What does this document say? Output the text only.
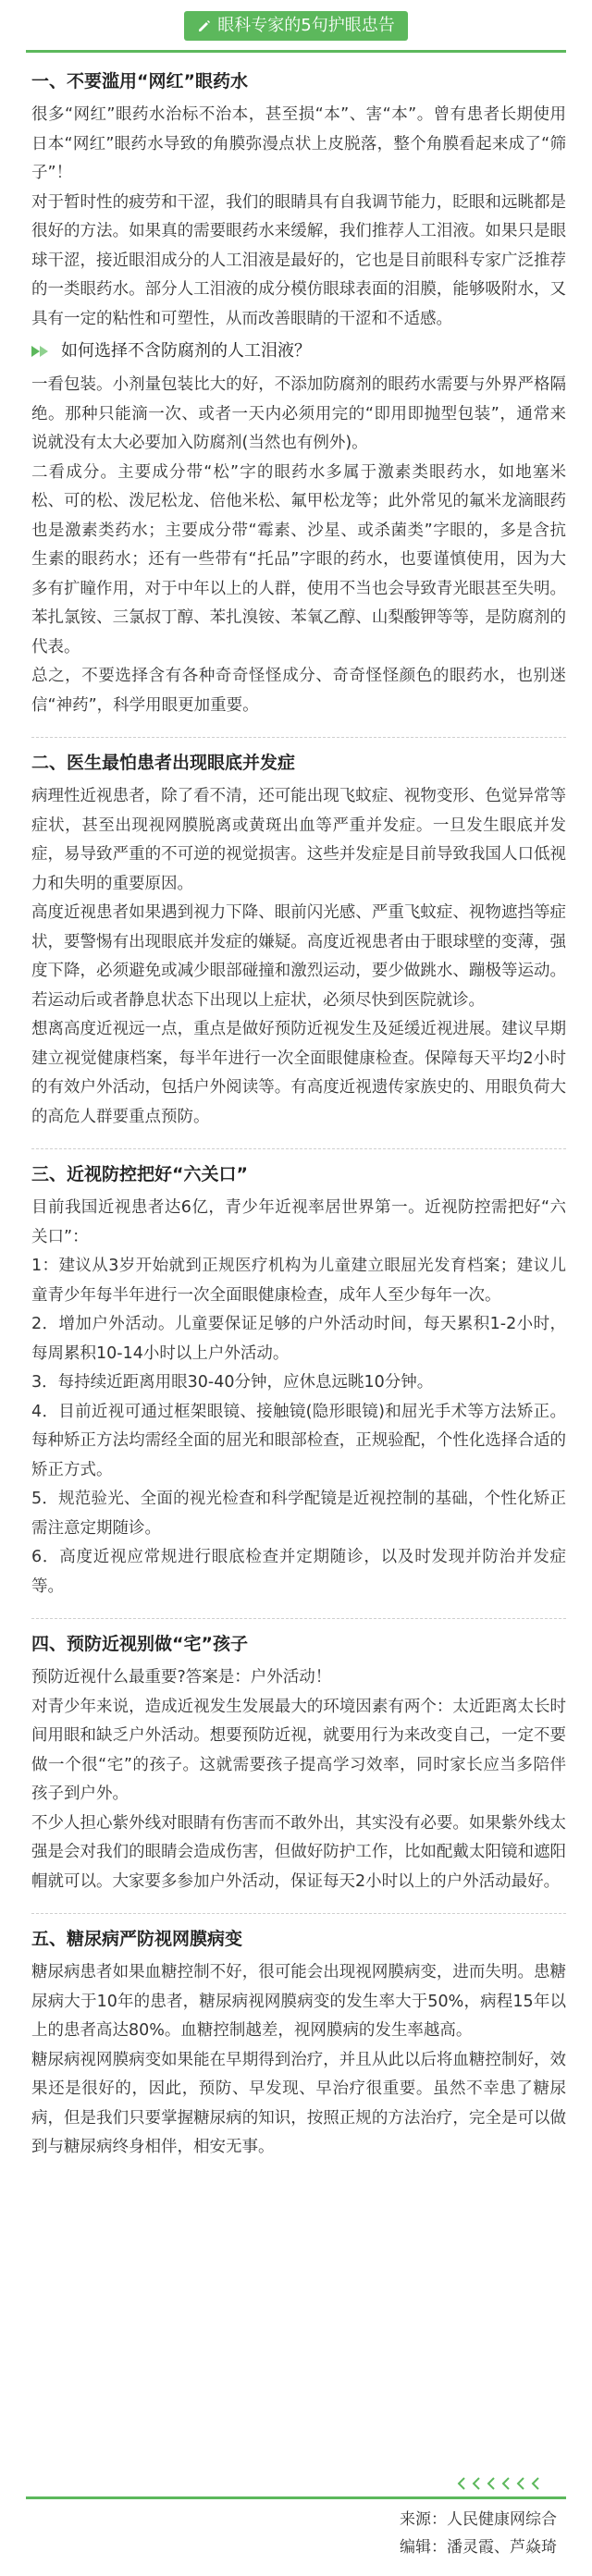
眼科专家的5句护眼忠告
一、不要滥用“网红”眼药水

很多“网红”眼药水治标不治本，甚至损“本”、害“本”。曾有患者长期使用日本“网红”眼药水导致的角膜弥漫点状上皮脱落，整个角膜看起来成了“筛子”！

对于暂时性的疲劳和干涩，我们的眼睛具有自我调节能力，眨眼和远眺都是很好的方法。如果真的需要眼药水来缓解，我们推荐人工泪液。如果只是眼球干涩，接近眼泪成分的人工泪液是最好的，它也是目前眼科专家广泛推荐的一类眼药水。部分人工泪液的成分模仿眼球表面的泪膜，能够吸附水，又具有一定的粘性和可塑性，从而改善眼睛的干涩和不适感。

如何选择不含防腐剂的人工泪液？

一看包装。小剂量包装比大的好，不添加防腐剂的眼药水需要与外界严格隔绝。那种只能滴一次、或者一天内必须用完的“即用即抛型包装”，通常来说就没有太大必要加入防腐剂(当然也有例外)。

二看成分。主要成分带“松”字的眼药水多属于激素类眼药水，如地塞米松、可的松、泼尼松龙、倍他米松、氟甲松龙等；此外常见的氟米龙滴眼药也是激素类药水；主要成分带“霉素、沙星、或杀菌类”字眼的，多是含抗生素的眼药水；还有一些带有“托品”字眼的药水，也要谨慎使用，因为大多有扩瞳作用，对于中年以上的人群，使用不当也会导致青光眼甚至失明。苯扎氯铵、三氯叔丁醇、苯扎溴铵、苯氧乙醇、山梨酸钾等等，是防腐剂的代表。

总之，不要选择含有各种奇奇怪怪成分、奇奇怪怪颜色的眼药水，也别迷信“神药”，科学用眼更加重要。

二、医生最怕患者出现眼底并发症

病理性近视患者，除了看不清，还可能出现飞蚊症、视物变形、色觉异常等症状，甚至出现视网膜脱离或黄斑出血等严重并发症。一旦发生眼底并发症，易导致严重的不可逆的视觉损害。这些并发症是目前导致我国人口低视力和失明的重要原因。

高度近视患者如果遇到视力下降、眼前闪光感、严重飞蚊症、视物遮挡等症状，要警惕有出现眼底并发症的嫌疑。高度近视患者由于眼球壁的变薄，强度下降，必须避免或减少眼部碰撞和激烈运动，要少做跳水、蹦极等运动。若运动后或者静息状态下出现以上症状，必须尽快到医院就诊。

想离高度近视远一点，重点是做好预防近视发生及延缓近视进展。建议早期建立视觉健康档案，每半年进行一次全面眼健康检查。保障每天平均2小时的有效户外活动，包括户外阅读等。有高度近视遗传家族史的、用眼负荷大的高危人群要重点预防。

三、近视防控把好“六关口”

目前我国近视患者达6亿，青少年近视率居世界第一。近视防控需把好“六关口”：

1：建议从3岁开始就到正规医疗机构为儿童建立眼屈光发育档案；建议儿童青少年每半年进行一次全面眼健康检查，成年人至少每年一次。

2．增加户外活动。儿童要保证足够的户外活动时间，每天累积1-2小时，每周累积10-14小时以上户外活动。

3．每持续近距离用眼30-40分钟，应休息远眺10分钟。

4．目前近视可通过框架眼镜、接触镜(隐形眼镜)和屈光手术等方法矫正。每种矫正方法均需经全面的屈光和眼部检查，正规验配，个性化选择合适的矫正方式。

5．规范验光、全面的视光检查和科学配镜是近视控制的基础，个性化矫正需注意定期随诊。

6．高度近视应常规进行眼底检查并定期随诊，以及时发现并防治并发症等。

四、预防近视别做“宅”孩子

预防近视什么最重要?答案是：户外活动！

对青少年来说，造成近视发生发展最大的环境因素有两个：太近距离太长时间用眼和缺乏户外活动。想要预防近视，就要用行为来改变自己，一定不要做一个很“宅”的孩子。这就需要孩子提高学习效率，同时家长应当多陪伴孩子到户外。

不少人担心紫外线对眼睛有伤害而不敢外出，其实没有必要。如果紫外线太强是会对我们的眼睛会造成伤害，但做好防护工作，比如配戴太阳镜和遮阳帽就可以。大家要多参加户外活动，保证每天2小时以上的户外活动最好。

五、糖尿病严防视网膜病变

糖尿病患者如果血糖控制不好，很可能会出现视网膜病变，进而失明。患糖尿病大于10年的患者，糖尿病视网膜病变的发生率大于50%，病程15年以上的患者高达80%。血糖控制越差，视网膜病的发生率越高。

糖尿病视网膜病变如果能在早期得到治疗，并且从此以后将血糖控制好，效果还是很好的，因此，预防、早发现、早治疗很重要。虽然不幸患了糖尿病，但是我们只要掌握糖尿病的知识，按照正规的方法治疗，完全是可以做到与糖尿病终身相伴，相安无事。

来源：人民健康网综合
编辑：潘灵霞、芦焱琦
